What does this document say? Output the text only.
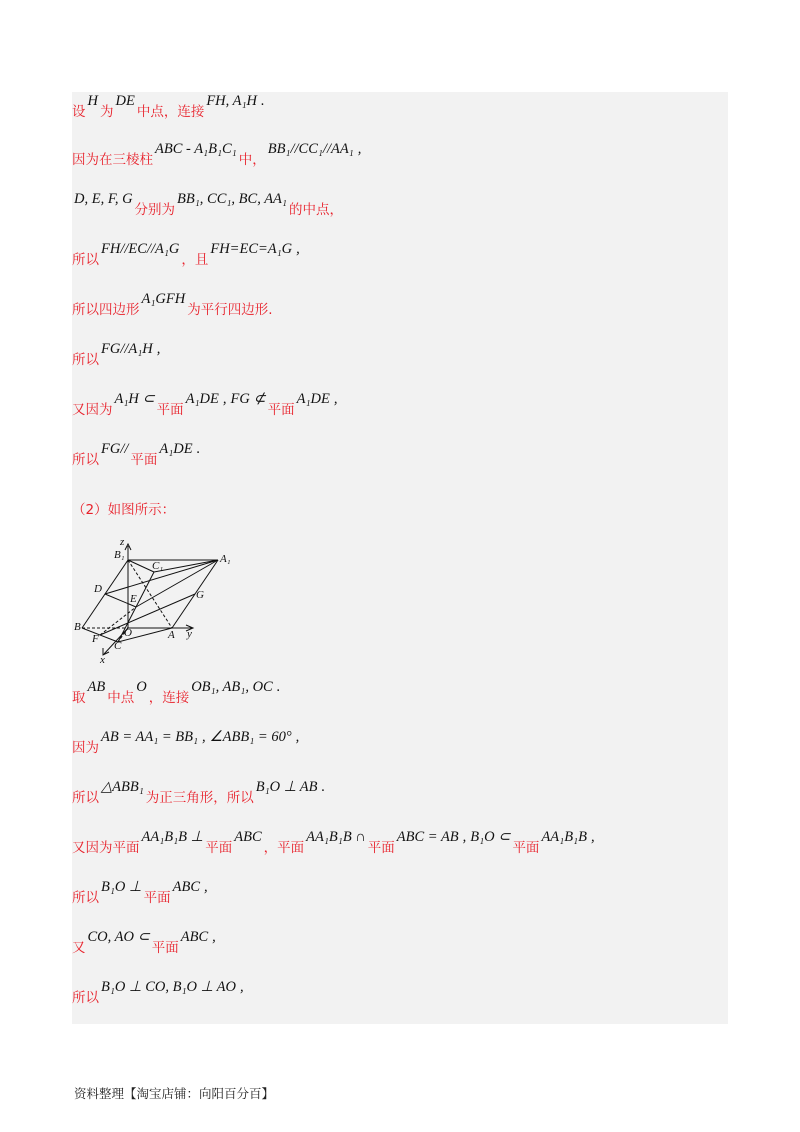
设H为DE中点，连接FH, A₁H .
因为在三棱柱ABC - A₁B₁C₁中，BB₁//CC₁//AA₁ ,
D, E, F, G分别为BB₁, CC₁, BC, AA₁的中点，
所以FH//EC//A₁G，且FH=EC=A₁G ,
所以四边形A₁GFH为平行四边形.
所以FG//A₁H ,
又因为A₁H ⊂平面A₁DE ,FG ⊄平面A₁DE ,
所以FG//平面A₁DE .
（2）如图所示：
取AB中点O，连接OB₁, AB₁, OC .
因为AB = AA₁ = BB₁ ,∠ABB₁ = 60° ,
所以△ABB₁为正三角形，所以B₁O ⊥ AB .
又因为平面AA₁B₁B ⊥平面ABC，平面AA₁B₁B ∩平面ABC = AB ,B₁O ⊂平面AA₁B₁B ,
所以B₁O ⊥平面ABC ,
又CO, AO ⊂平面ABC ,
所以B₁O ⊥ CO, B₁O ⊥ AO ,
z
B₁	A₁
C₁
D
E	G
B
F O	A y
C
x
资料整理【淘宝店铺：向阳百分百】
